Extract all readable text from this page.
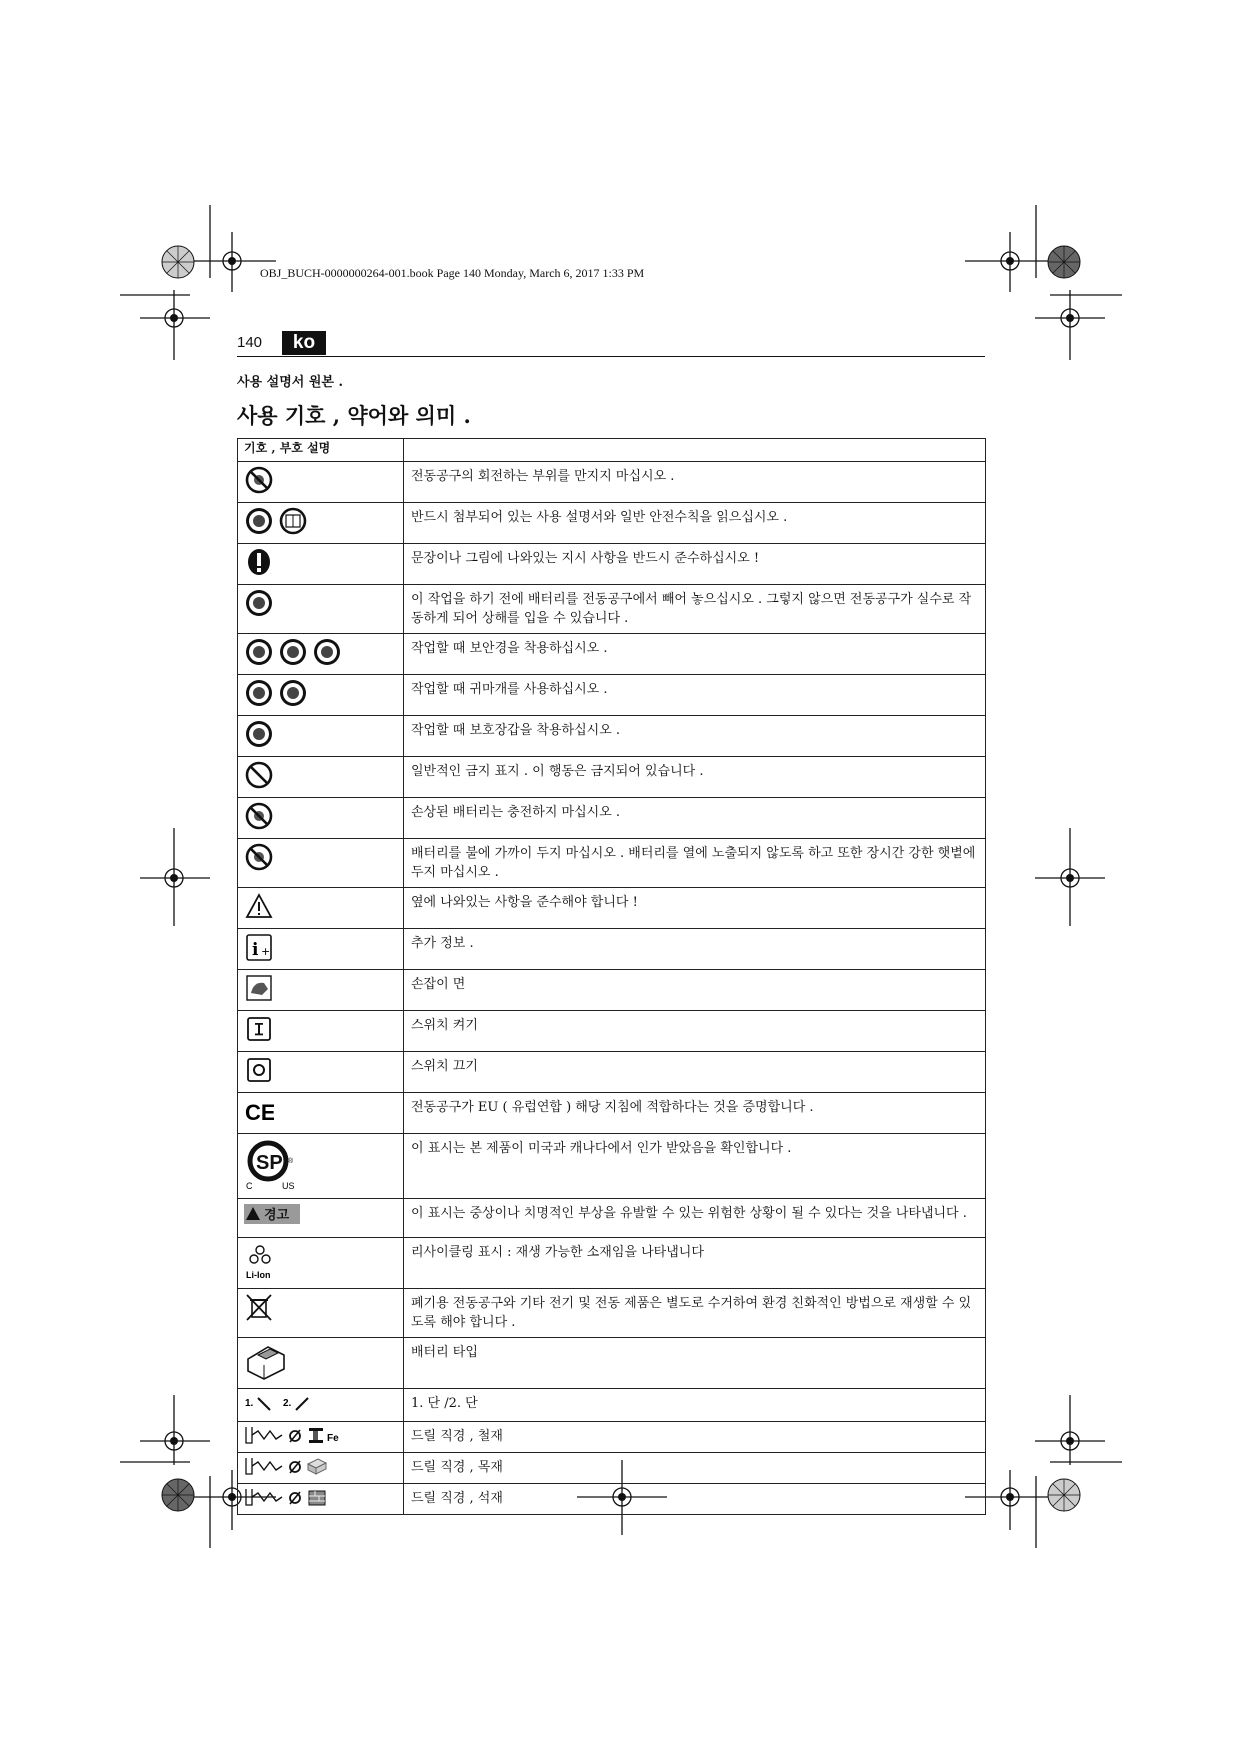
OBJ_BUCH-0000000264-001.book Page 140 Monday, March 6, 2017 1:33 PM
140	ko
사용 설명서 원본 .
사용 기호 , 약어와 의미 .
기호 , 부호 설명	

	전동공구의 회전하는 부위를 만지지 마십시오 .

	반드시 첨부되어 있는 사용 설명서와 일반 안전수칙을 읽으십시오 .

	문장이나 그림에 나와있는 지시 사항을 반드시 준수하십시오 !

	이 작업을 하기 전에 배터리를 전동공구에서 빼어 놓으십시오 . 그렇지 않으면 전동공구가 실수로 작동하게 되어 상해를 입을 수 있습니다 .

	작업할 때 보안경을 착용하십시오 .

	작업할 때 귀마개를 사용하십시오 .

	작업할 때 보호장갑을 착용하십시오 .

	일반적인 금지 표지 . 이 행동은 금지되어 있습니다 .

	손상된 배터리는 충전하지 마십시오 .

	배터리를 불에 가까이 두지 마십시오 . 배터리를 열에 노출되지 않도록 하고 또한 장시간 강한 햇볕에 두지 마십시오 .

	옆에 나와있는 사항을 준수해야 합니다 !

i +	추가 정보 .

	손잡이 면

	스위치 켜기

	스위치 끄기

CE	전동공구가 EU ( 유럽연합 ) 해당 지침에 적합하다는 것을 증명합니다 .

SP
C US
®	이 표시는 본 제품이 미국과 캐나다에서 인가 받았음을 확인합니다 .

경고	이 표시는 중상이나 치명적인 부상을 유발할 수 있는 위험한 상황이 될 수 있다는 것을 나타냅니다 .

Li-Ion	리사이클링 표시 : 재생 가능한 소재임을 나타냅니다

	폐기용 전동공구와 기타 전기 및 전동 제품은 별도로 수거하여 환경 친화적인 방법으로 재생할 수 있도록 해야 합니다 .

	배터리 타입

1. 2.	1. 단 /2. 단

Fe	드릴 직경 , 철재

	드릴 직경 , 목재

	드릴 직경 , 석재
